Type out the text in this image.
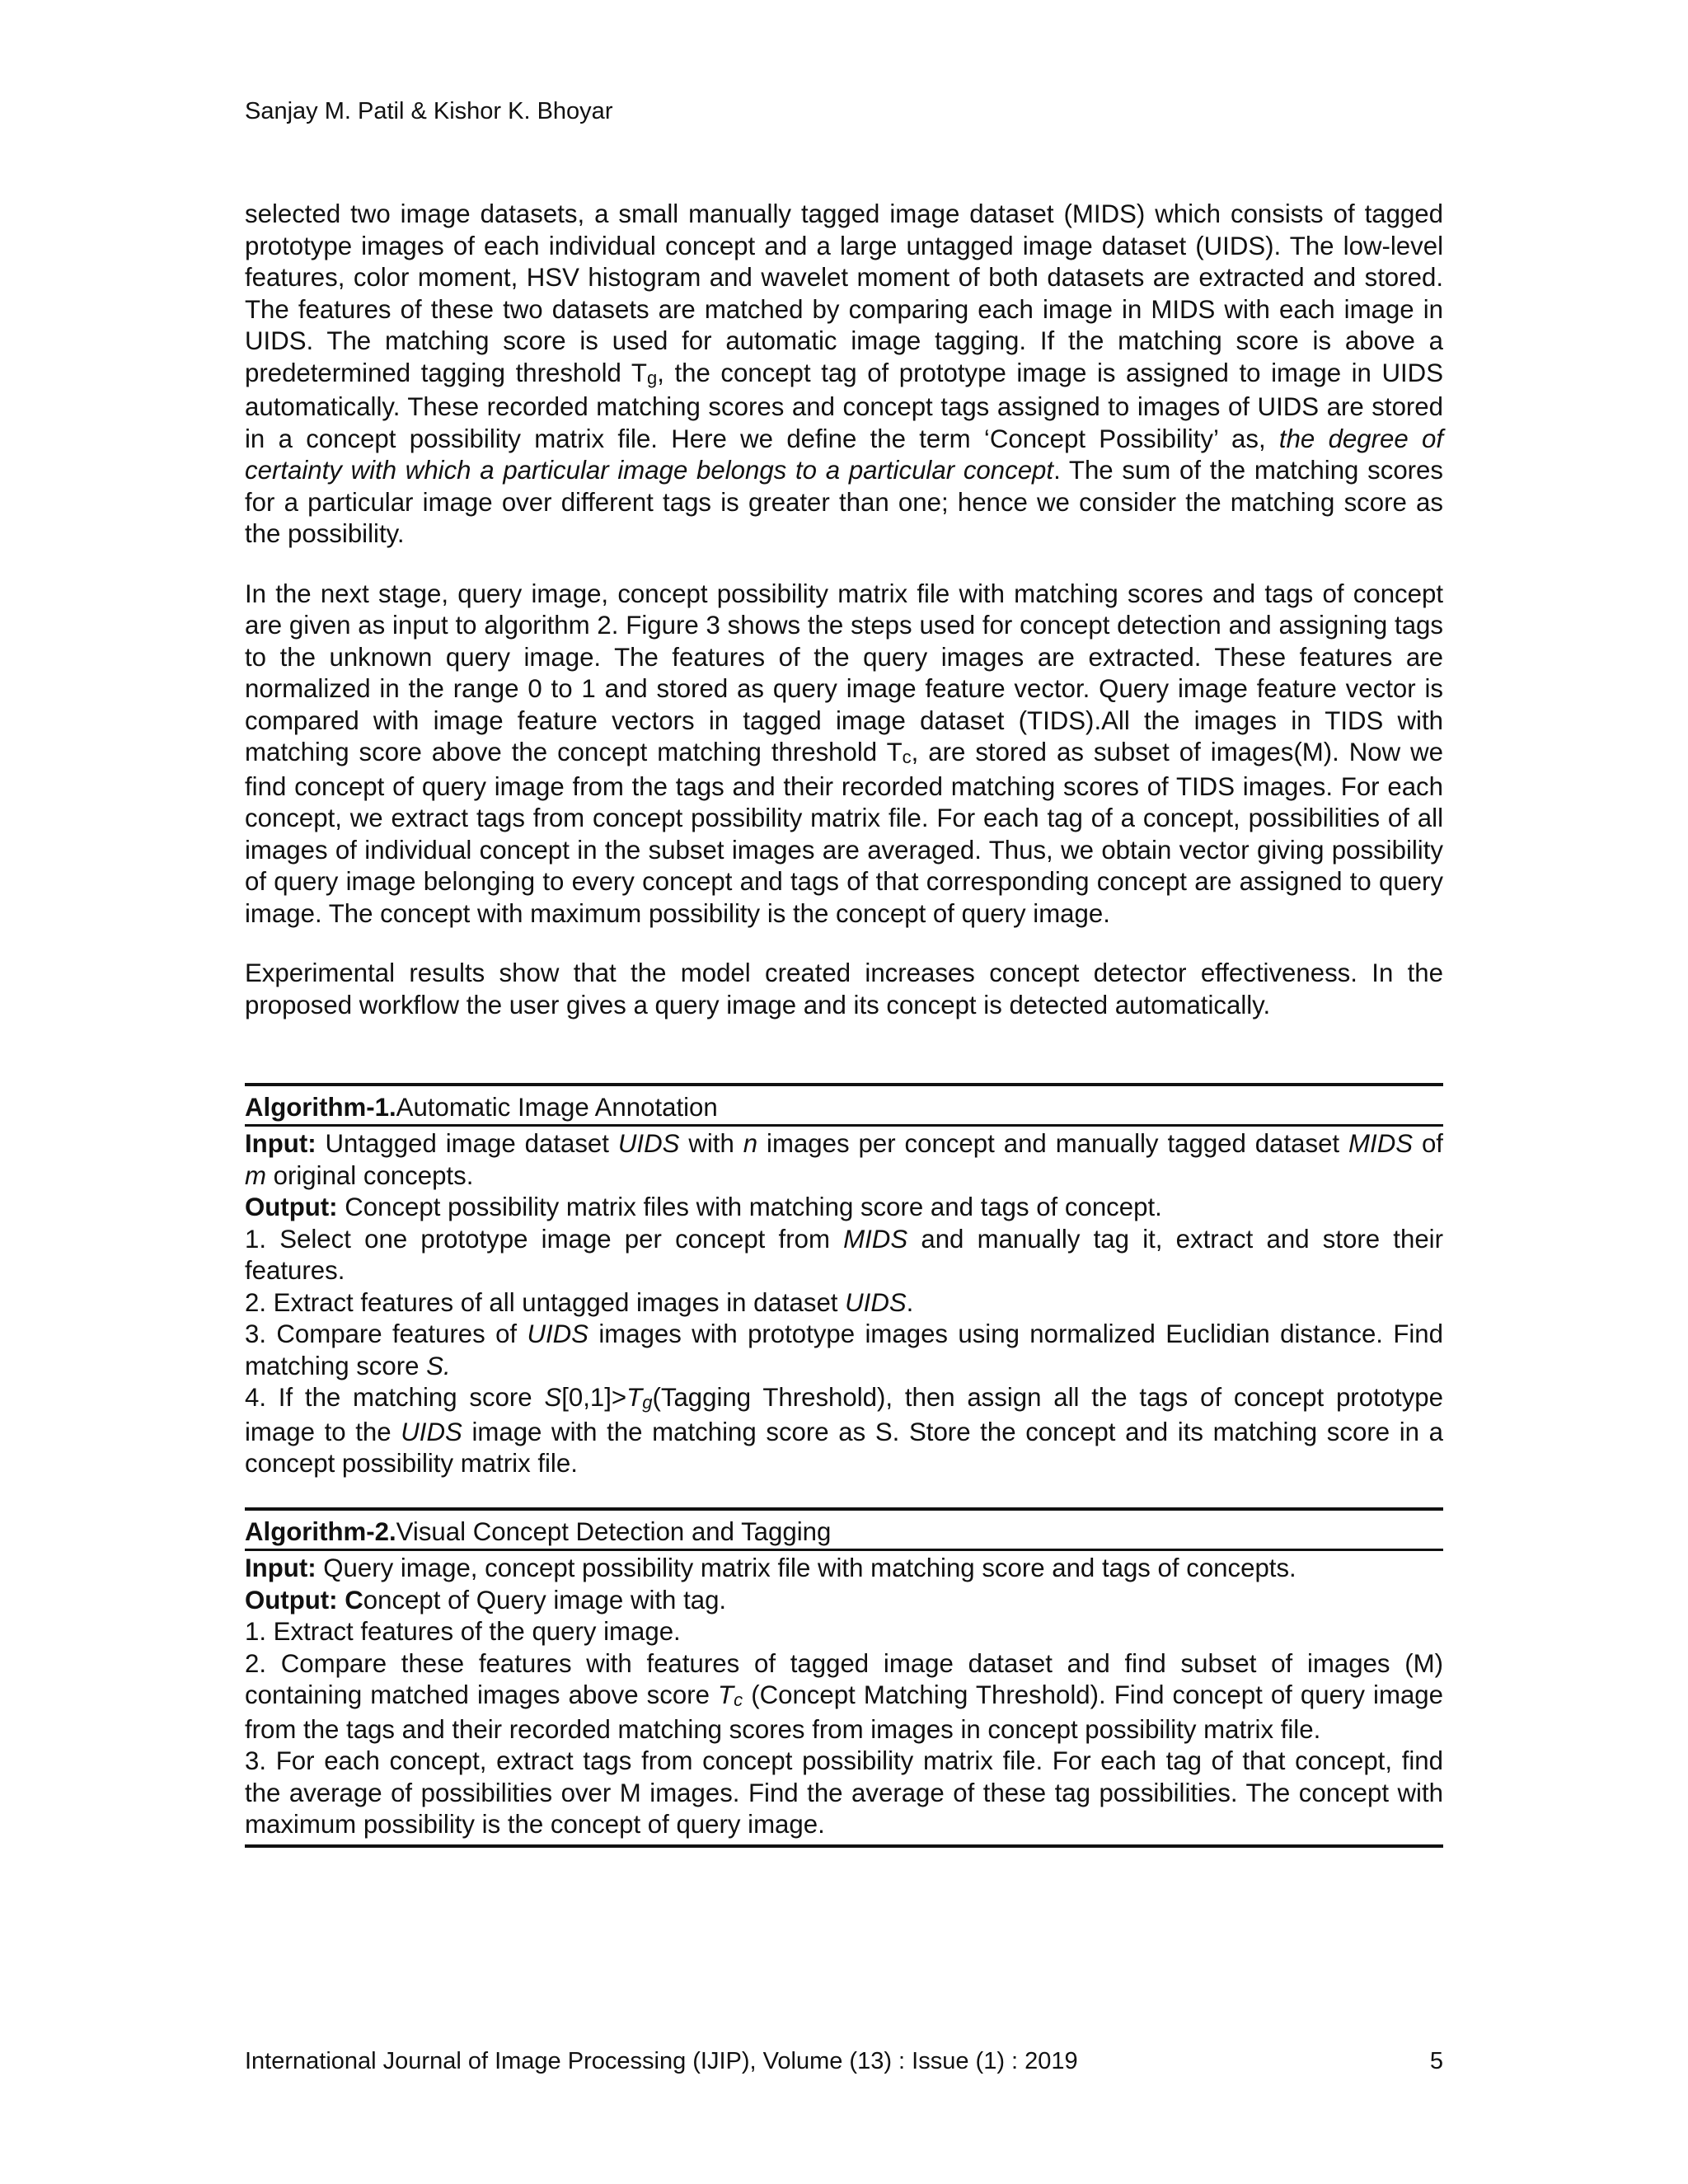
Sanjay M. Patil & Kishor K. Bhoyar

selected two image datasets, a small manually tagged image dataset (MIDS) which consists of tagged prototype images of each individual concept and a large untagged image dataset (UIDS). The low-level features, color moment, HSV histogram and wavelet moment of both datasets are extracted and stored. The features of these two datasets are matched by comparing each image in MIDS with each image in UIDS. The matching score is used for automatic image tagging. If the matching score is above a predetermined tagging threshold Tg, the concept tag of prototype image is assigned to image in UIDS automatically. These recorded matching scores and concept tags assigned to images of UIDS are stored in a concept possibility matrix file. Here we define the term ‘Concept Possibility’ as, the degree of certainty with which a particular image belongs to a particular concept. The sum of the matching scores for a particular image over different tags is greater than one; hence we consider the matching score as the possibility.

In the next stage, query image, concept possibility matrix file with matching scores and tags of concept are given as input to algorithm 2. Figure 3 shows the steps used for concept detection and assigning tags to the unknown query image. The features of the query images are extracted. These features are normalized in the range 0 to 1 and stored as query image feature vector. Query image feature vector is compared with image feature vectors in tagged image dataset (TIDS).All the images in TIDS with matching score above the concept matching threshold Tc, are stored as subset of images(M). Now we find concept of query image from the tags and their recorded matching scores of TIDS images. For each concept, we extract tags from concept possibility matrix file. For each tag of a concept, possibilities of all images of individual concept in the subset images are averaged. Thus, we obtain vector giving possibility of query image belonging to every concept and tags of that corresponding concept are assigned to query image. The concept with maximum possibility is the concept of query image.

Experimental results show that the model created increases concept detector effectiveness. In the proposed workflow the user gives a query image and its concept is detected automatically.

Algorithm-1.Automatic Image Annotation

Input: Untagged image dataset UIDS with n images per concept and manually tagged dataset MIDS of m original concepts.

Output: Concept possibility matrix files with matching score and tags of concept.

1. Select one prototype image per concept from MIDS and manually tag it, extract and store their features.

2. Extract features of all untagged images in dataset UIDS.

3. Compare features of UIDS images with prototype images using normalized Euclidian distance. Find matching score S.

4. If the matching score S[0,1]>Tg(Tagging Threshold), then assign all the tags of concept prototype image to the UIDS image with the matching score as S. Store the concept and its matching score in a concept possibility matrix file.

Algorithm-2.Visual Concept Detection and Tagging

Input: Query image, concept possibility matrix file with matching score and tags of concepts.

Output: Concept of Query image with tag.

1. Extract features of the query image.

2. Compare these features with features of tagged image dataset and find subset of images (M) containing matched images above score Tc (Concept Matching Threshold). Find concept of query image from the tags and their recorded matching scores from images in concept possibility matrix file.

3. For each concept, extract tags from concept possibility matrix file. For each tag of that concept, find the average of possibilities over M images. Find the average of these tag possibilities. The concept with maximum possibility is the concept of query image.

International Journal of Image Processing (IJIP), Volume (13) : Issue (1) : 2019	5
